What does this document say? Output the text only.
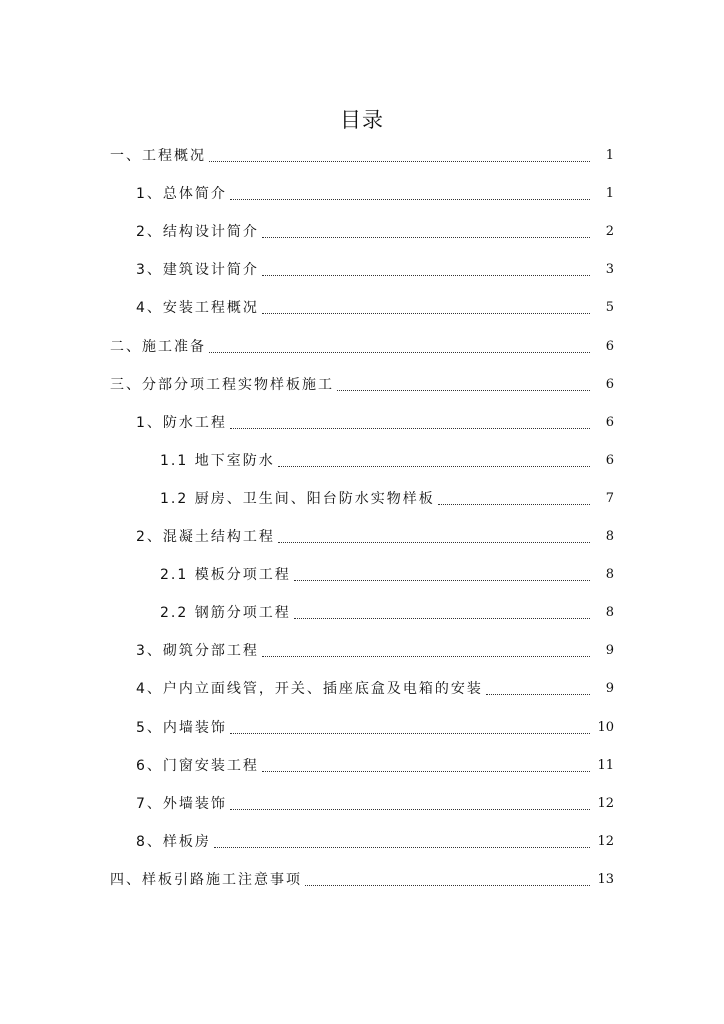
目录
一、工程概况	1
1、总体简介	1
2、结构设计简介	2
3、建筑设计简介	3
4、安装工程概况	5
二、施工准备	6
三、分部分项工程实物样板施工	6
1、防水工程	6
1.1 地下室防水	6
1.2 厨房、卫生间、阳台防水实物样板	7
2、混凝土结构工程	8
2.1 模板分项工程	8
2.2 钢筋分项工程	8
3、砌筑分部工程	9
4、户内立面线管，开关、插座底盒及电箱的安装	9
5、内墙装饰	10
6、门窗安装工程	11
7、外墙装饰	12
8、样板房	12
四、样板引路施工注意事项	13
